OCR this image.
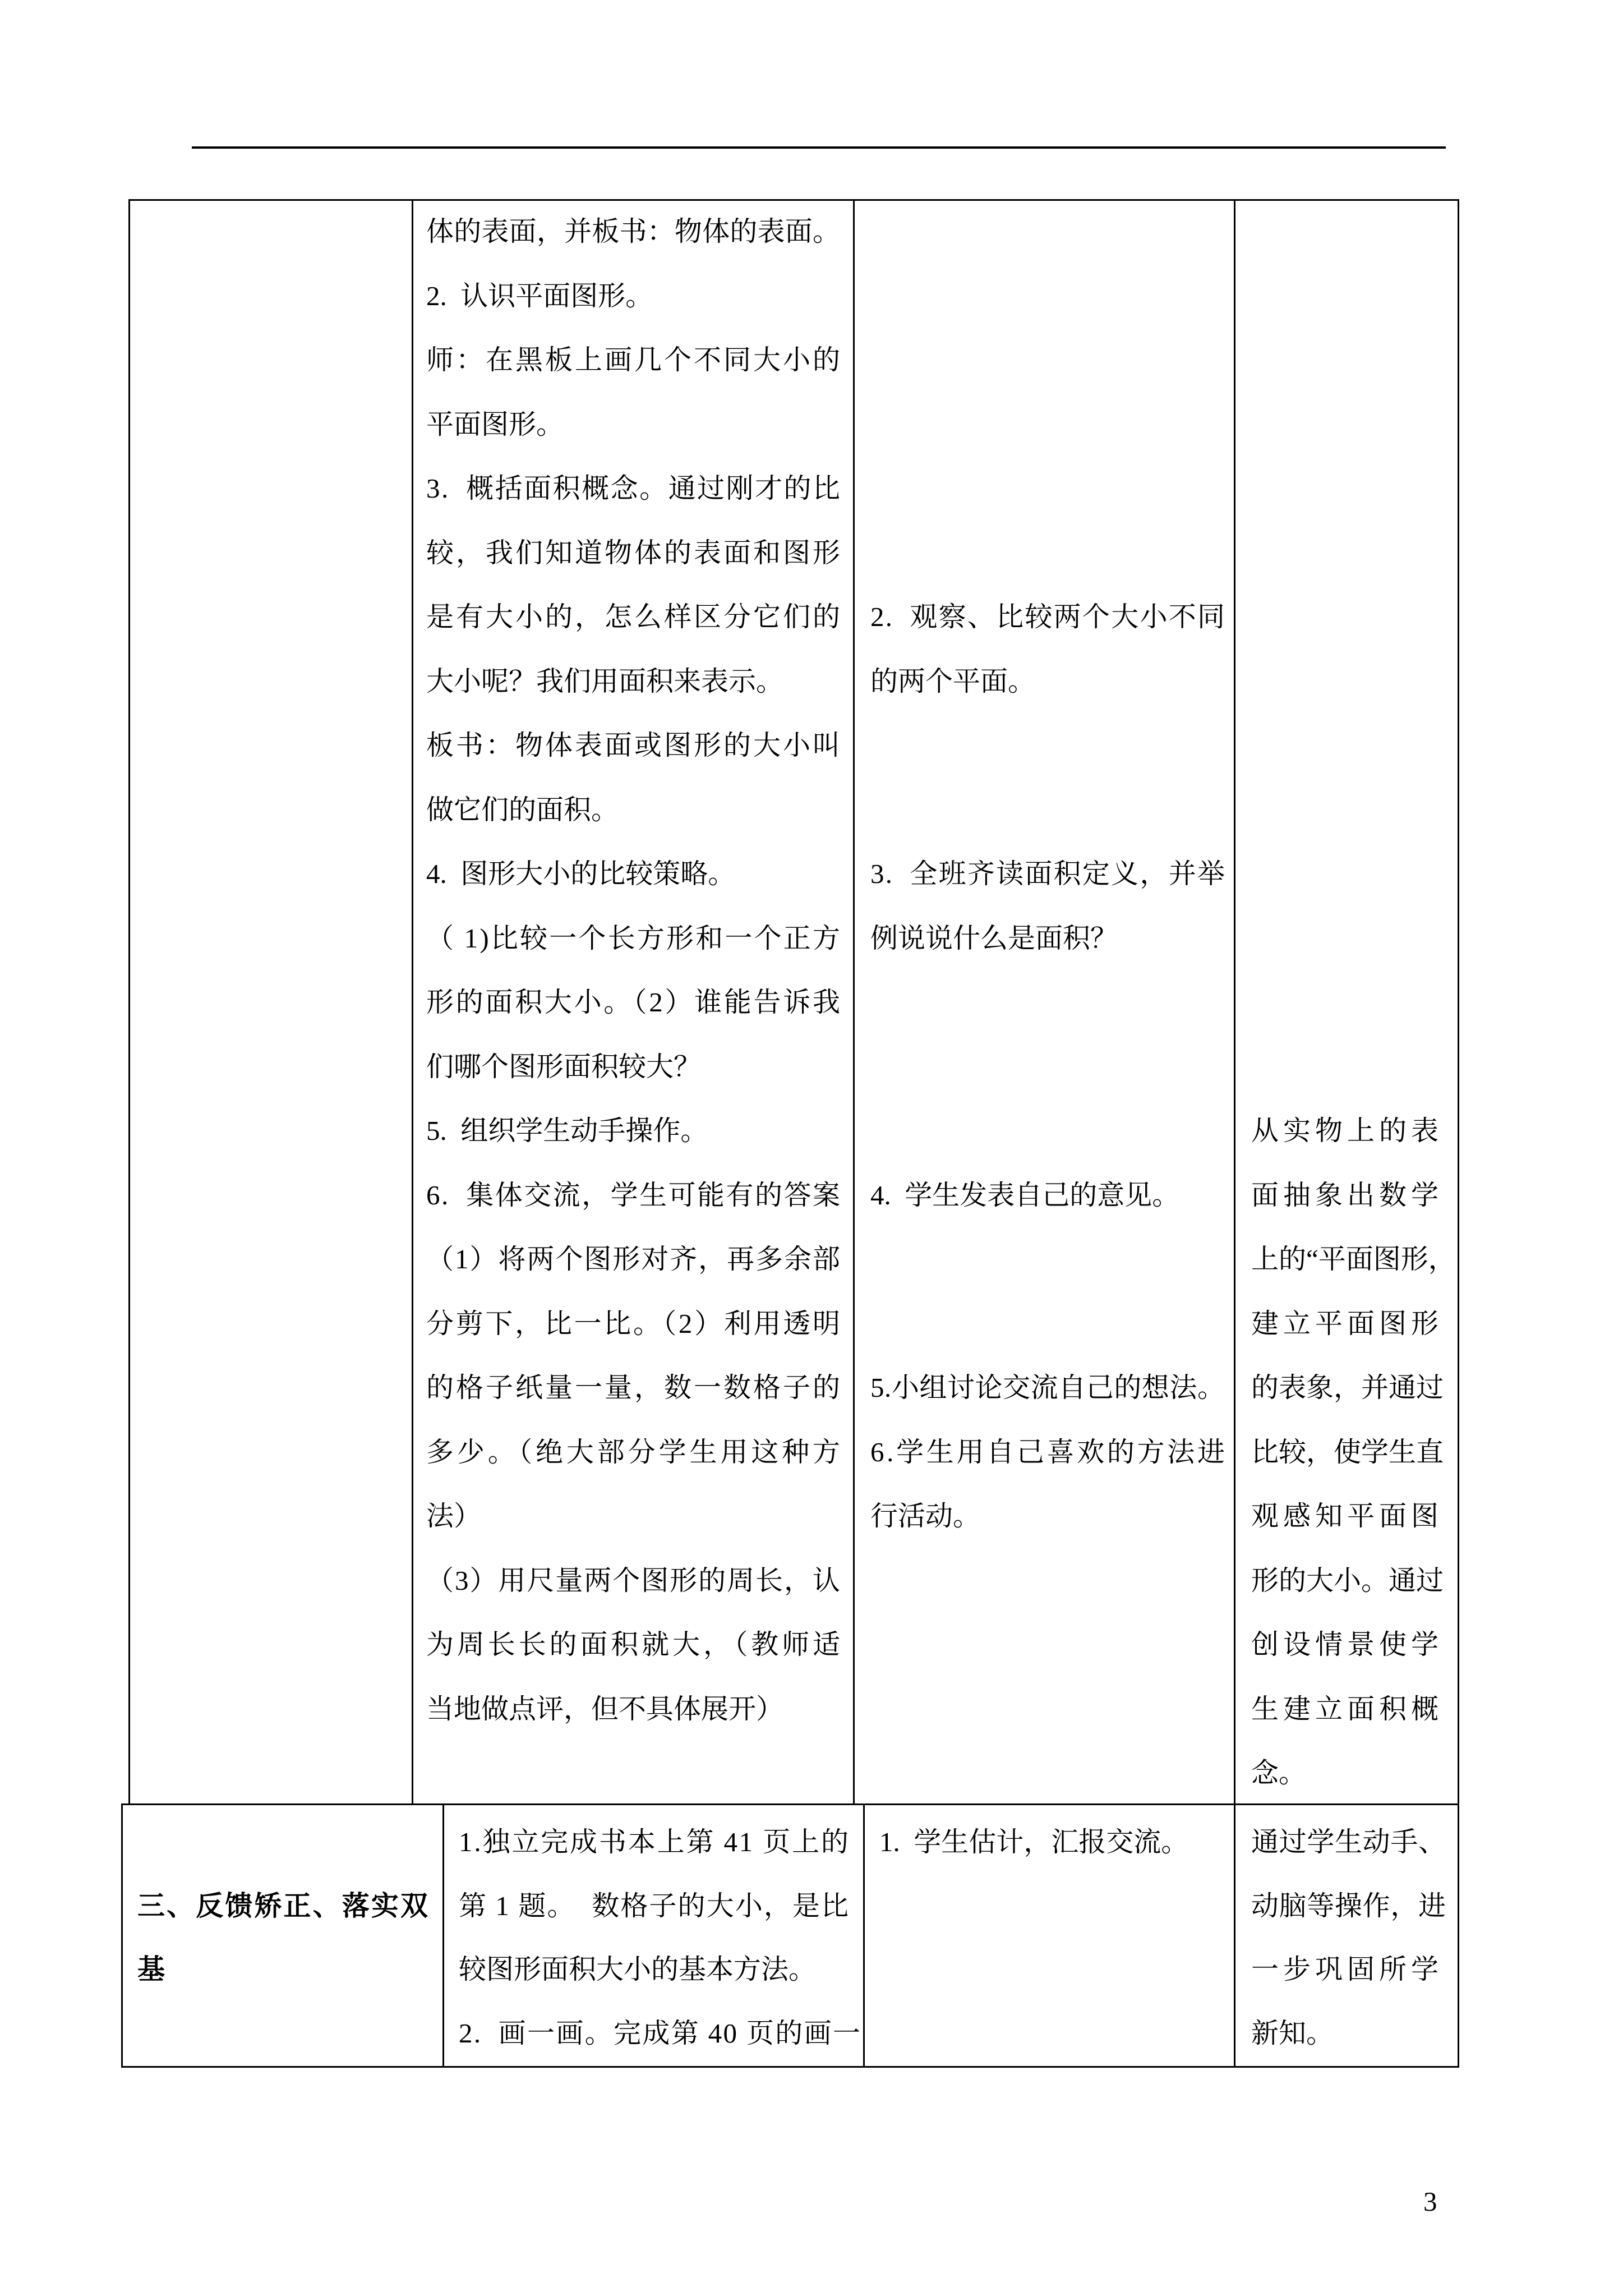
体的表面，并板书：物体的表面。
2.  认识平面图形。
师：在黑板上画几个不同大小的
平面图形。
3.  概括面积概念。通过刚才的比
较，我们知道物体的表面和图形
是有大小的，怎么样区分它们的
大小呢？我们用面积来表示。
板书：物体表面或图形的大小叫
做它们的面积。
4.  图形大小的比较策略。
（ 1)比较一个长方形和一个正方
形的面积大小。（2）谁能告诉我
们哪个图形面积较大？
5.  组织学生动手操作。
6.  集体交流，学生可能有的答案
（1）将两个图形对齐，再多余部
分剪下，比一比。（2）利用透明
的格子纸量一量，数一数格子的
多少。（绝大部分学生用这种方
法）
（3）用尺量两个图形的周长，认
为周长长的面积就大，（教师适
当地做点评，但不具体展开）
2.  观察、比较两个大小不同
的两个平面。
3.  全班齐读面积定义，并举
例说说什么是面积？
4.  学生发表自己的意见。
5.小组讨论交流自己的想法。
6.学生用自己喜欢的方法进
行活动。
从实物上的表
面抽象出数学
上的“平面图形，
建立平面图形
的表象，并通过
比较，使学生直
观感知平面图
形的大小。通过
创设情景使学
生建立面积概
念。
三、反馈矫正、落实双
基
1.独立完成书本上第 41 页上的
第 1 题。  数格子的大小，是比
较图形面积大小的基本方法。
2.  画一画。完成第 40 页的画一
1.  学生估计，汇报交流。 通过学生动手、
动脑等操作，进
一步巩固所学
新知。
3
